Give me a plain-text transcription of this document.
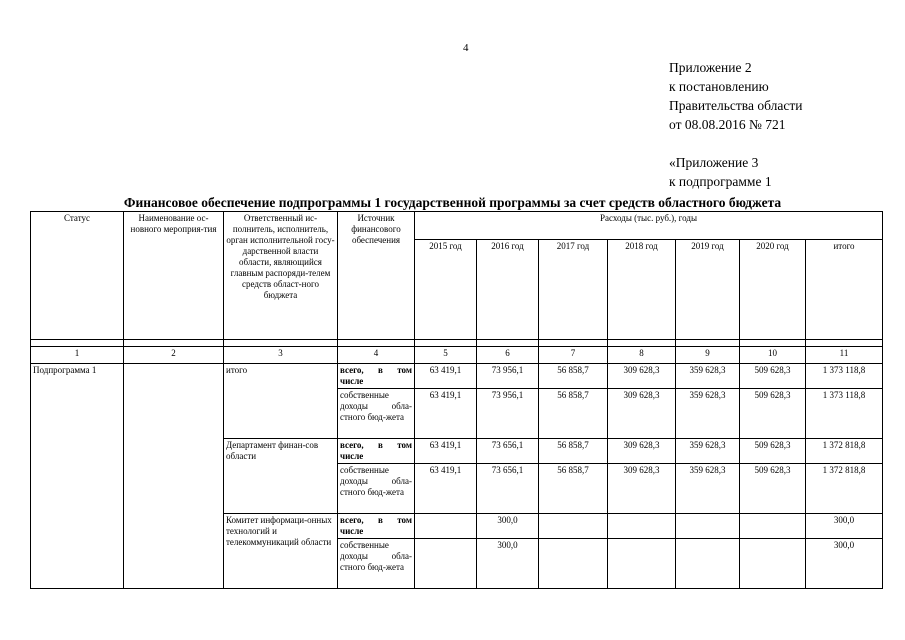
4
Приложение 2
к постановлению
Правительства области
от 08.08.2016 № 721
«Приложение 3
к подпрограмме 1
Финансовое обеспечение подпрограммы 1 государственной программы за счет средств областного бюджета
Статус	Наименование ос-новного мероприя-тия	Ответственный ис-полнитель, исполнитель, орган исполнительной госу-дарственной власти области, являющийся главным распоряди-телем средств област-ного бюджета	Источник финансового обеспечения	Расходы (тыс. руб.), годы						
				2015 год	2016 год	2017 год	2018 год	2019 год	2020 год	итого

1	2	3	4	5	6	7	8	9	10	11
Подпрограмма 1		итого	всего, в том числе	63 419,1	73 956,1	56 858,7	309 628,3	359 628,3	509 628,3	1 373 118,8
			собственные доходы обла-стного бюд-жета	63 419,1	73 956,1	56 858,7	309 628,3	359 628,3	509 628,3	1 373 118,8
		Департамент финан-сов области	всего, в том числе	63 419,1	73 656,1	56 858,7	309 628,3	359 628,3	509 628,3	1 372 818,8
			собственные доходы обла-стного бюд-жета	63 419,1	73 656,1	56 858,7	309 628,3	359 628,3	509 628,3	1 372 818,8
		Комитет информаци-онных технологий и телекоммуникаций области	всего, в том числе		300,0					300,0
			собственные доходы обла-стного бюд-жета		300,0					300,0
